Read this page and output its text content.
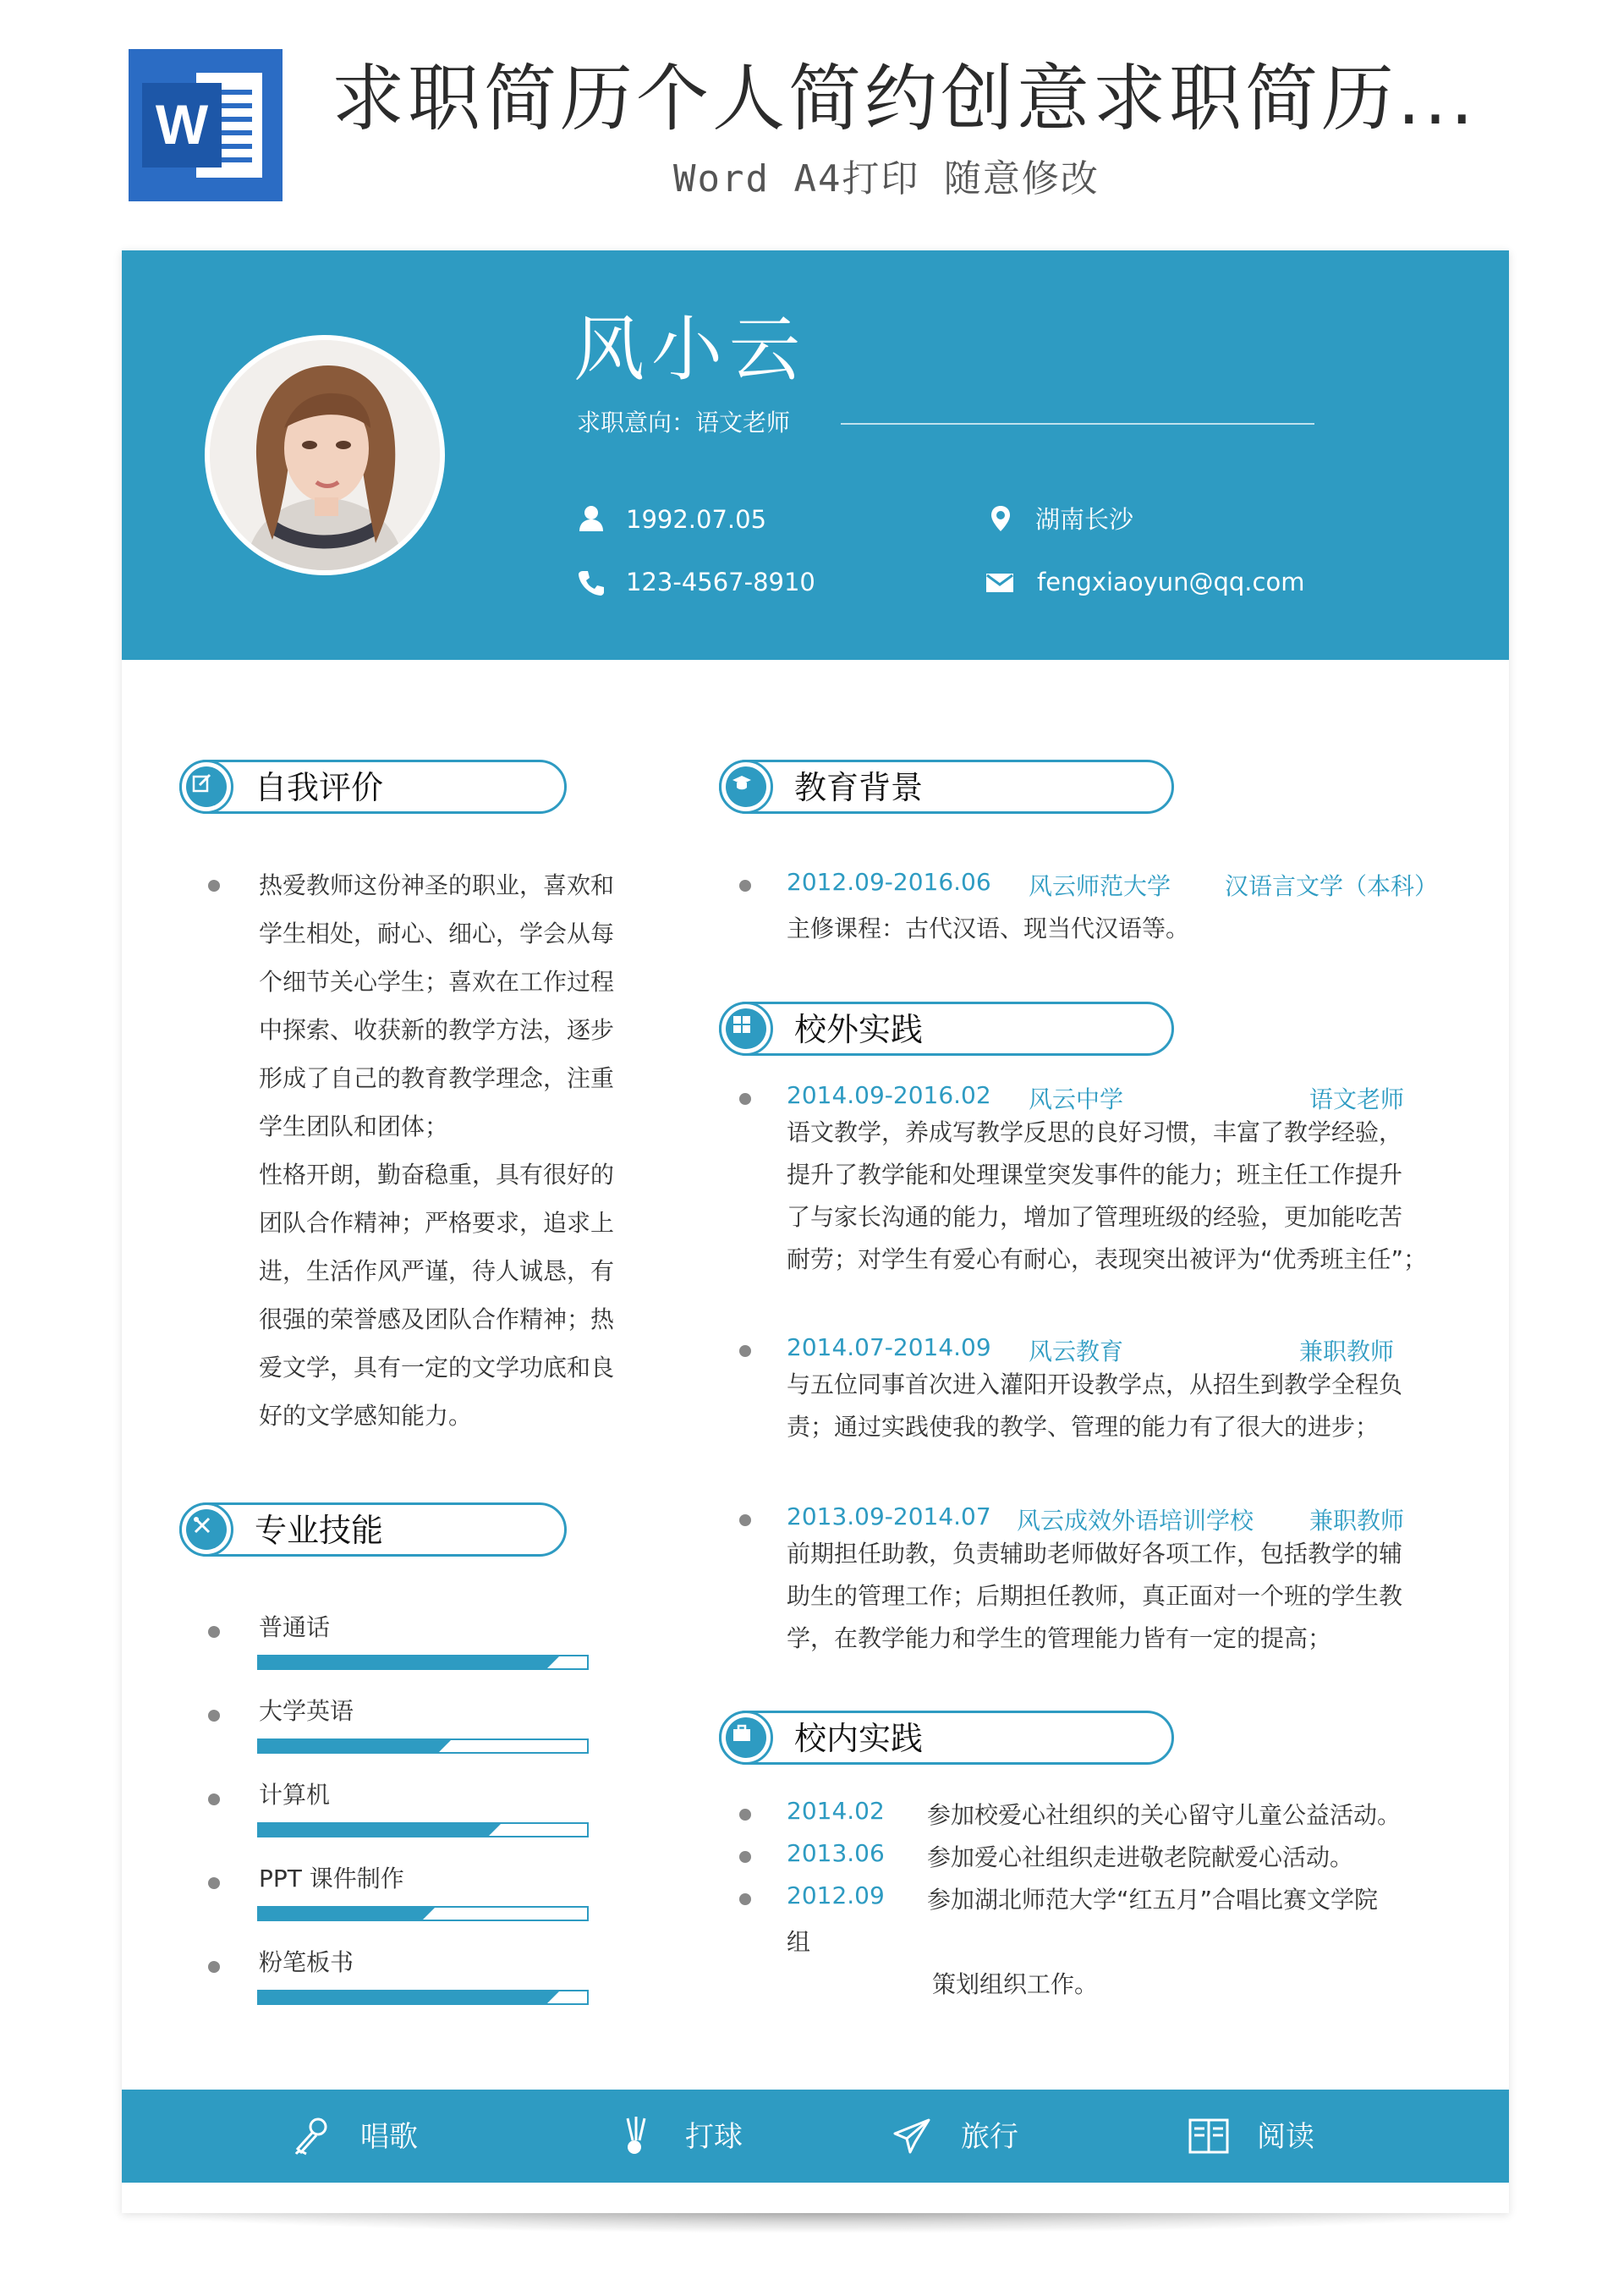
W 求职简历个人简约创意求职简历...
Word A4打印 随意修改
风小云
求职意向：语文老师
1992.07.05	湖南长沙
123-4567-8910	fengxiaoyun@qq.com
自我评价
热爱教师这份神圣的职业，喜欢和
学生相处，耐心、细心，学会从每
个细节关心学生；喜欢在工作过程
中探索、收获新的教学方法，逐步
形成了自己的教育教学理念，注重
学生团队和团体；
性格开朗，勤奋稳重，具有很好的
团队合作精神；严格要求，追求上
进，生活作风严谨，待人诚恳，有
很强的荣誉感及团队合作精神；热
爱文学，具有一定的文学功底和良
好的文学感知能力。
专业技能
普通话
大学英语
计算机
PPT 课件制作
粉笔板书
教育背景
2012.09-2016.06 风云师范大学 汉语言文学（本科）
主修课程：古代汉语、现当代汉语等。
校外实践
2014.09-2016.02 风云中学	语文老师
语文教学，养成写教学反思的良好习惯，丰富了教学经验，
提升了教学能和处理课堂突发事件的能力；班主任工作提升
了与家长沟通的能力，增加了管理班级的经验，更加能吃苦
耐劳；对学生有爱心有耐心，表现突出被评为“优秀班主任”；
2014.07-2014.09 风云教育	兼职教师
与五位同事首次进入灌阳开设教学点，从招生到教学全程负
责；通过实践使我的教学、管理的能力有了很大的进步；
2013.09-2014.07 风云成效外语培训学校 兼职教师
前期担任助教，负责辅助老师做好各项工作，包括教学的辅
助生的管理工作；后期担任教师，真正面对一个班的学生教
学，在教学能力和学生的管理能力皆有一定的提高；
校内实践
2014.02 参加校爱心社组织的关心留守儿童公益活动。
2013.06 参加爱心社组织走进敬老院献爱心活动。
2012.09 参加湖北师范大学“红五月”合唱比赛文学院
组
策划组织工作。
唱歌	打球	旅行	阅读
